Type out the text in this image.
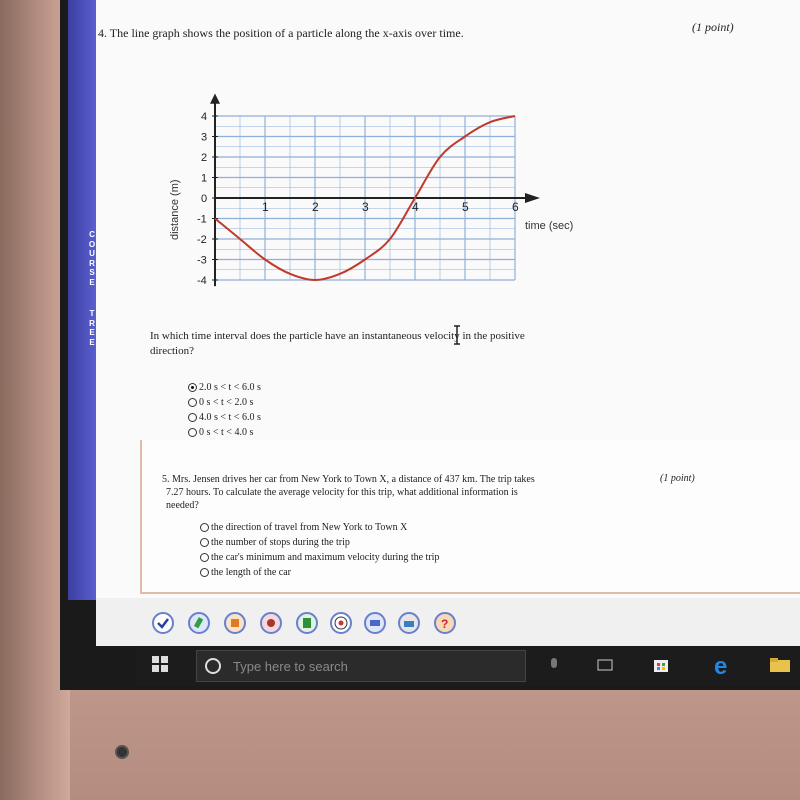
C
O
U
R
S
E
T
R
E
E
4. The line graph shows the position of a particle along the x-axis over time.	(1 point)
1	2	3	4	5	6
4
3
2
1
0
-1
-2
-3
-4
distance (m)	time (sec)
In which time interval does the particle have an instantaneous velocity in the positive
direction?
2.0 s < t < 6.0 s
0 s < t < 2.0 s
4.0 s < t < 6.0 s
0 s < t < 4.0 s
5. Mrs. Jensen drives her car from New York to Town X, a distance of 437 km. The trip takes
7.27 hours. To calculate the average velocity for this trip, what additional information is
needed?
(1 point)
the direction of travel from New York to Town X
the number of stops during the trip
the car's minimum and maximum velocity during the trip
the length of the car
?
Type here to search	e
